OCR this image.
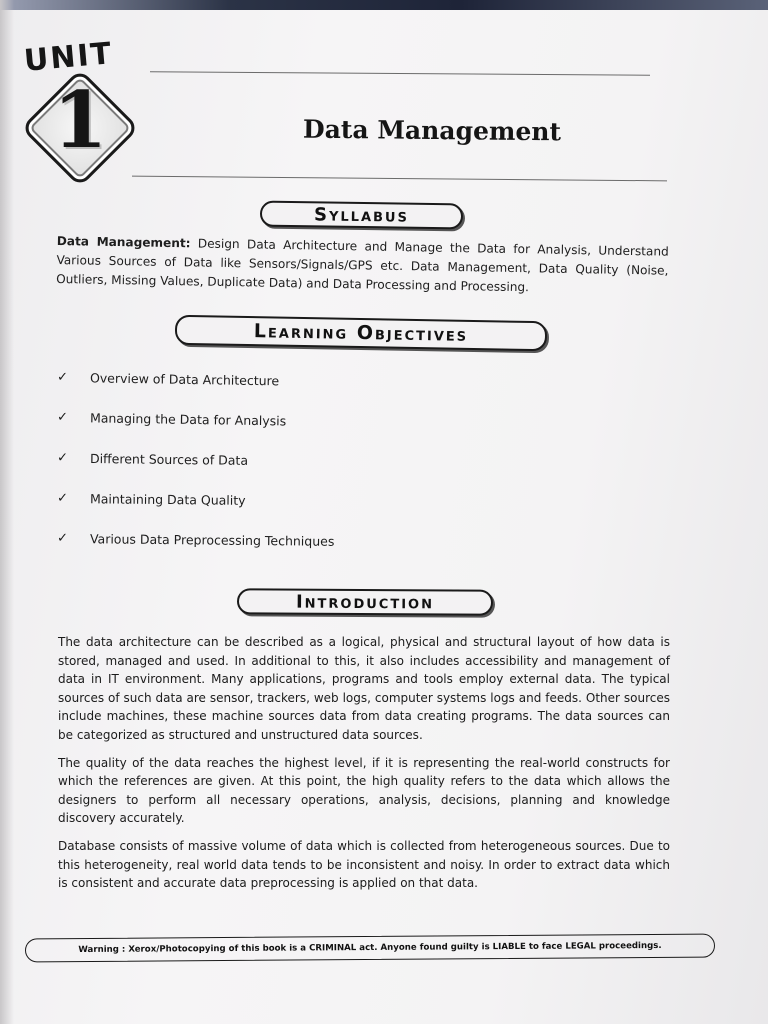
UNIT
1	Data Management
Syllabus
Data Management: Design Data Architecture and Manage the Data for Analysis, Understand Various Sources of Data like Sensors/Signals/GPS etc. Data Management, Data Quality (Noise, Outliers, Missing Values, Duplicate Data) and Data Processing and Processing.
Learning Objectives
✓	Overview of Data Architecture
✓	Managing the Data for Analysis
✓	Different Sources of Data
✓	Maintaining Data Quality
✓	Various Data Preprocessing Techniques
Introduction

The data architecture can be described as a logical, physical and structural layout of how data is stored, managed and used. In additional to this, it also includes accessibility and management of data in IT environment. Many applications, programs and tools employ external data. The typical sources of such data are sensor, trackers, web logs, computer systems logs and feeds. Other sources include machines, these machine sources data from data creating programs. The data sources can be categorized as structured and unstructured data sources.

The quality of the data reaches the highest level, if it is representing the real-world constructs for which the references are given. At this point, the high quality refers to the data which allows the designers to perform all necessary operations, analysis, decisions, planning and knowledge discovery accurately.

Database consists of massive volume of data which is collected from heterogeneous sources. Due to this heterogeneity, real world data tends to be inconsistent and noisy. In order to extract data which is consistent and accurate data preprocessing is applied on that data.

Warning : Xerox/Photocopying of this book is a CRIMINAL act. Anyone found guilty is LIABLE to face LEGAL proceedings.
